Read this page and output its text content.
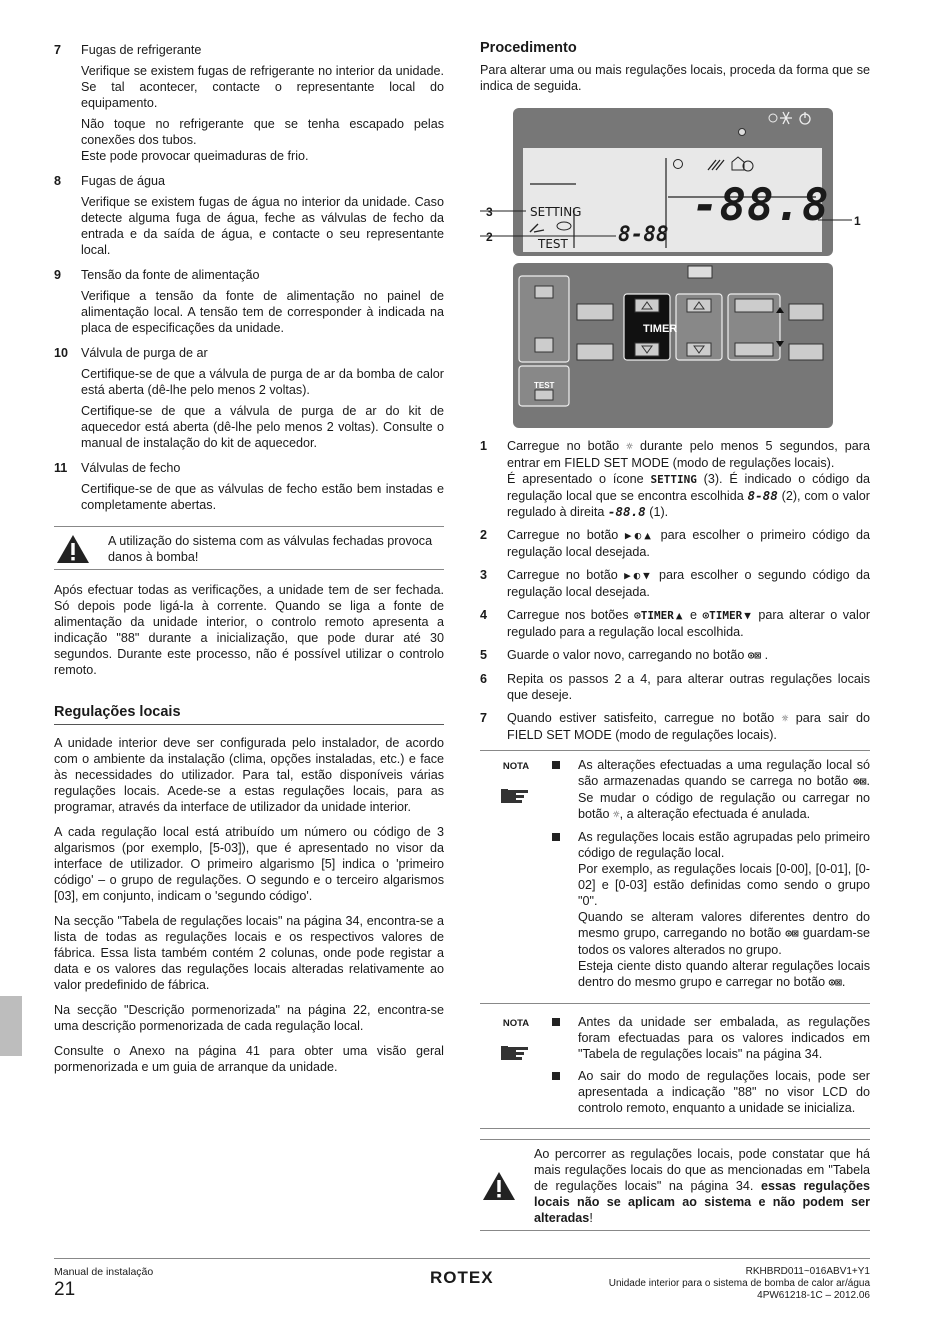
7	Fugas de refrigerante

Verifique se existem fugas de refrigerante no interior da unidade. Se tal acontecer, contacte o representante local do equipamento.

Não toque no refrigerante que se tenha escapado pelas conexões dos tubos.

Este pode provocar queimaduras de frio.

8	Fugas de água

Verifique se existem fugas de água no interior da unidade. Caso detecte alguma fuga de água, feche as válvulas de fecho da entrada e da saída de água, e contacte o seu representante local.

9	Tensão da fonte de alimentação

Verifique a tensão da fonte de alimentação no painel de alimentação local. A tensão tem de corresponder à indicada na placa de especificações da unidade.

10	Válvula de purga de ar

Certifique-se de que a válvula de purga de ar da bomba de calor está aberta (dê-lhe pelo menos 2 voltas).

Certifique-se de que a válvula de purga de ar do kit de aquecedor está aberta (dê-lhe pelo menos 2 voltas). Consulte o manual de instalação do kit de aquecedor.

11	Válvulas de fecho

Certifique-se de que as válvulas de fecho estão bem instadas e completamente abertas.

A utilização do sistema com as válvulas fechadas provoca danos à bomba!

Após efectuar todas as verificações, a unidade tem de ser fechada. Só depois pode ligá-la à corrente. Quando se liga a fonte de alimentação da unidade interior, o controlo remoto apresenta a indicação "88" durante a inicialização, que pode durar até 30 segundos. Durante este processo, não é possível utilizar o controlo remoto.

Regulações locais

A unidade interior deve ser configurada pelo instalador, de acordo com o ambiente da instalação (clima, opções instaladas, etc.) e face às necessidades do utilizador. Para tal, estão disponíveis várias regulações locais. Acede-se a estas regulações locais, para as programar, através da interface de utilizador da unidade interior.

A cada regulação local está atribuído um número ou código de 3 algarismos (por exemplo, [5-03]), que é apresentado no visor da interface de utilizador. O primeiro algarismo [5] indica o 'primeiro código' – o grupo de regulações. O segundo e o terceiro algarismos [03], em conjunto, indicam o 'segundo código'.

Na secção "Tabela de regulações locais" na página 34, encontra-se a lista de todas as regulações locais e os respectivos valores de fábrica. Essa lista também contém 2 colunas, onde pode registar a data e os valores das regulações locais alteradas relativamente ao valor predefinido de fábrica.

Na secção "Descrição pormenorizada" na página 22, encontra-se uma descrição pormenorizada de cada regulação local.

Consulte o Anexo na página 41 para obter uma visão geral pormenorizada e um guia de arranque da unidade.

Procedimento

Para alterar uma ou mais regulações locais, proceda da forma que se indica de seguida.

3
2
1
SETTING
TEST 8-88
-88.8
TIMER
TEST
1	Carregue no botão ☼ durante pelo menos 5 segundos, para entrar em FIELD SET MODE (modo de regulações locais).
É apresentado o ícone SETTING (3). É indicado o código da regulação local que se encontra escolhida 8-88 (2), com o valor regulado à direita -88.8 (1).

2	Carregue no botão ▶◐▲ para escolher o primeiro código da regulação local desejada.

3	Carregue no botão ▶◐▼ para escolher o segundo código da regulação local desejada.

4	Carregue nos botões ⊙TIMER▲ e ⊙TIMER▼ para alterar o valor regulado para a regulação local escolhida.

5	Guarde o valor novo, carregando no botão ⊙⊠ .

6	Repita os passos 2 a 4, para alterar outras regulações locais que deseje.

7	Quando estiver satisfeito, carregue no botão ☼ para sair do FIELD SET MODE (modo de regulações locais).

NOTA	As alterações efectuadas a uma regulação local só são armazenadas quando se carrega no botão ⊙⊠. Se mudar o código de regulação ou carregar no botão ☼, a alteração efectuada é anulada.

As regulações locais estão agrupadas pelo primeiro código de regulação local.

Por exemplo, as regulações locais [0-00], [0-01], [0-02] e [0-03] estão definidas como sendo o grupo "0".

Quando se alteram valores diferentes dentro do mesmo grupo, carregando no botão ⊙⊠ guardam-se todos os valores alterados no grupo.

Esteja ciente disto quando alterar regulações locais dentro do mesmo grupo e carregar no botão ⊙⊠.

NOTA	Antes da unidade ser embalada, as regulações foram efectuadas para os valores indicados em "Tabela de regulações locais" na página 34.

Ao sair do modo de regulações locais, pode ser apresentada a indicação "88" no visor LCD do controlo remoto, enquanto a unidade se inicializa.

Ao percorrer as regulações locais, pode constatar que há mais regulações locais do que as mencionadas em "Tabela de regulações locais" na página 34. essas regulações locais não se aplicam ao sistema e não podem ser alteradas!
Manual de instalação
21
ROTEX	RKHBRD011~016ABV1+Y1
Unidade interior para o sistema de bomba de calor ar/água
4PW61218-1C – 2012.06
